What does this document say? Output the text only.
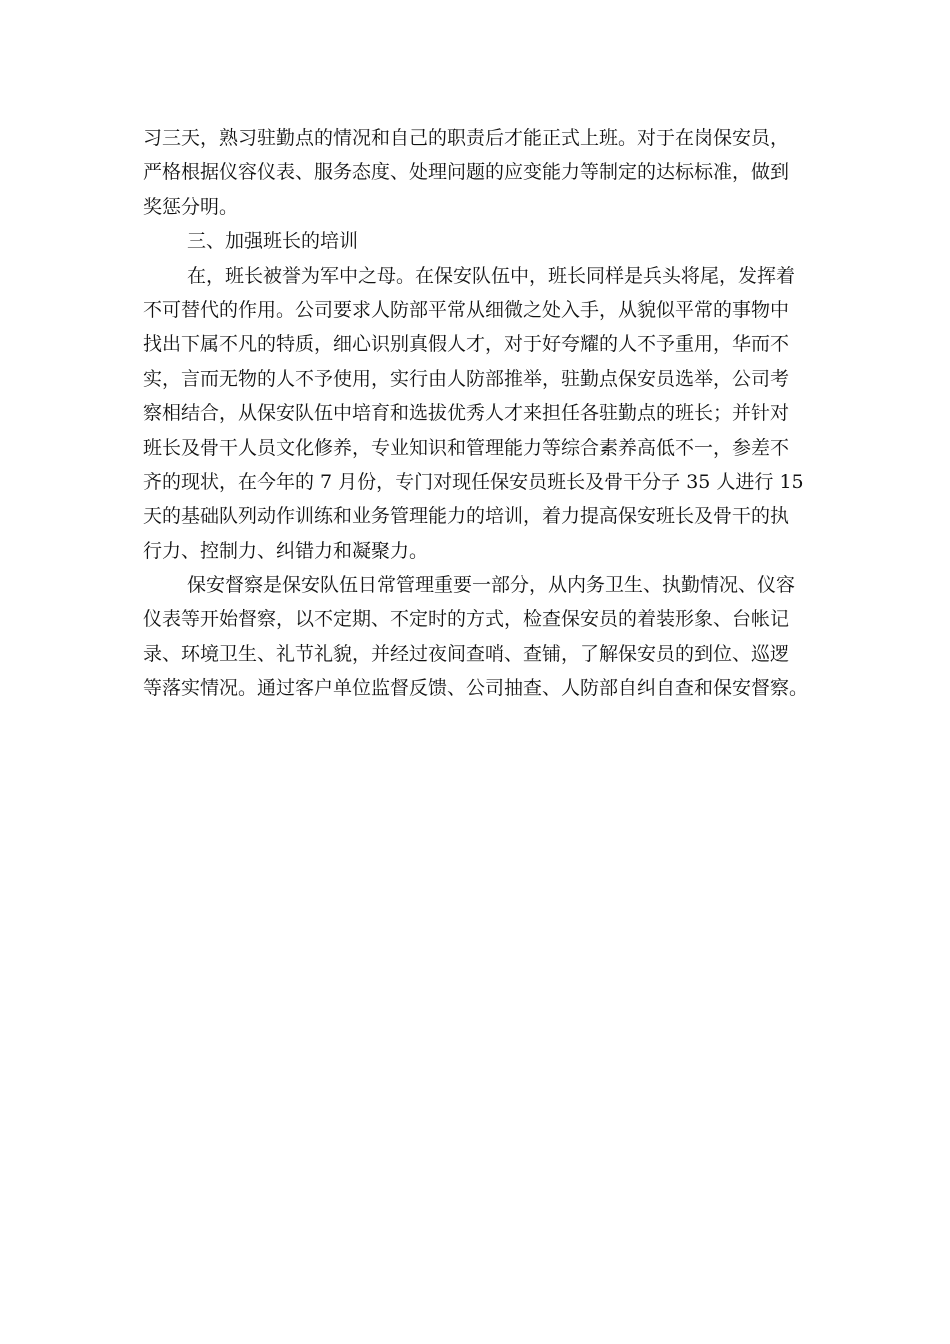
习三天，熟习驻勤点的情况和自己的职责后才能正式上班。对于在岗保安员，
严格根据仪容仪表、服务态度、处理问题的应变能力等制定的达标标准，做到
奖惩分明。
三、加强班长的培训
在，班长被誉为军中之母。在保安队伍中，班长同样是兵头将尾，发挥着
不可替代的作用。公司要求人防部平常从细微之处入手，从貌似平常的事物中
找出下属不凡的特质，细心识别真假人才，对于好夸耀的人不予重用，华而不
实，言而无物的人不予使用，实行由人防部推举，驻勤点保安员选举，公司考
察相结合，从保安队伍中培育和选拔优秀人才来担任各驻勤点的班长；并针对
班长及骨干人员文化修养，专业知识和管理能力等综合素养高低不一，参差不
齐的现状，在今年的 7 月份，专门对现任保安员班长及骨干分子 35 人进行 15
天的基础队列动作训练和业务管理能力的培训，着力提高保安班长及骨干的执
行力、控制力、纠错力和凝聚力。
保安督察是保安队伍日常管理重要一部分，从内务卫生、执勤情况、仪容
仪表等开始督察，以不定期、不定时的方式，检查保安员的着装形象、台帐记
录、环境卫生、礼节礼貌，并经过夜间查哨、查铺，了解保安员的到位、巡逻
等落实情况。通过客户单位监督反馈、公司抽查、人防部自纠自查和保安督察。
